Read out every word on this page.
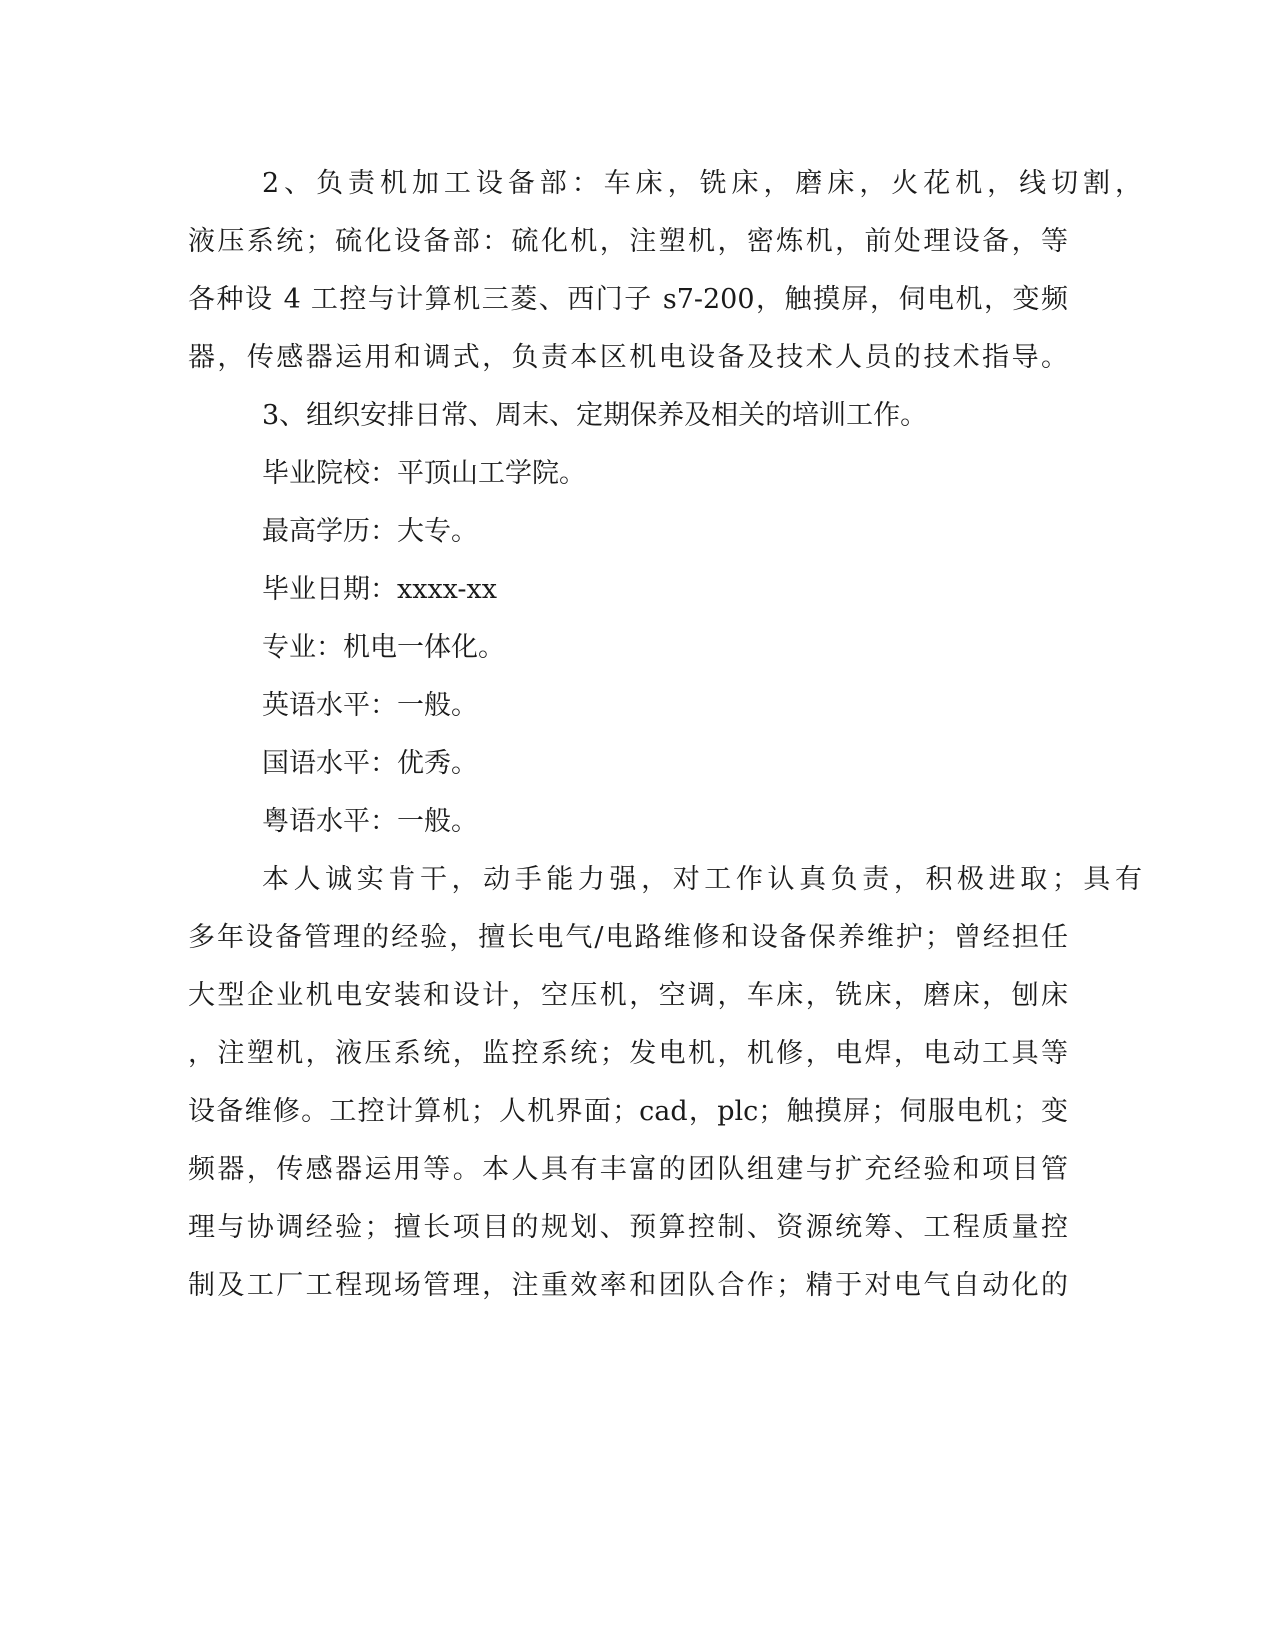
2、负责机加工设备部：车床，铣床，磨床，火花机，线切割，
液压系统；硫化设备部：硫化机，注塑机，密炼机，前处理设备，等
各种设 4 工控与计算机三菱、西门子 s7-200，触摸屏，伺电机，变频
器，传感器运用和调式，负责本区机电设备及技术人员的技术指导。
3、组织安排日常、周末、定期保养及相关的培训工作。
毕业院校：平顶山工学院。
最高学历：大专。
毕业日期：xxxx-xx
专业：机电一体化。
英语水平：一般。
国语水平：优秀。
粤语水平：一般。
本人诚实肯干，动手能力强，对工作认真负责，积极进取；具有
多年设备管理的经验，擅长电气/电路维修和设备保养维护；曾经担任
大型企业机电安装和设计，空压机，空调，车床，铣床，磨床，刨床
，注塑机，液压系统，监控系统；发电机，机修，电焊，电动工具等
设备维修。工控计算机；人机界面；cad，plc；触摸屏；伺服电机；变
频器，传感器运用等。本人具有丰富的团队组建与扩充经验和项目管
理与协调经验；擅长项目的规划、预算控制、资源统筹、工程质量控
制及工厂工程现场管理，注重效率和团队合作；精于对电气自动化的
